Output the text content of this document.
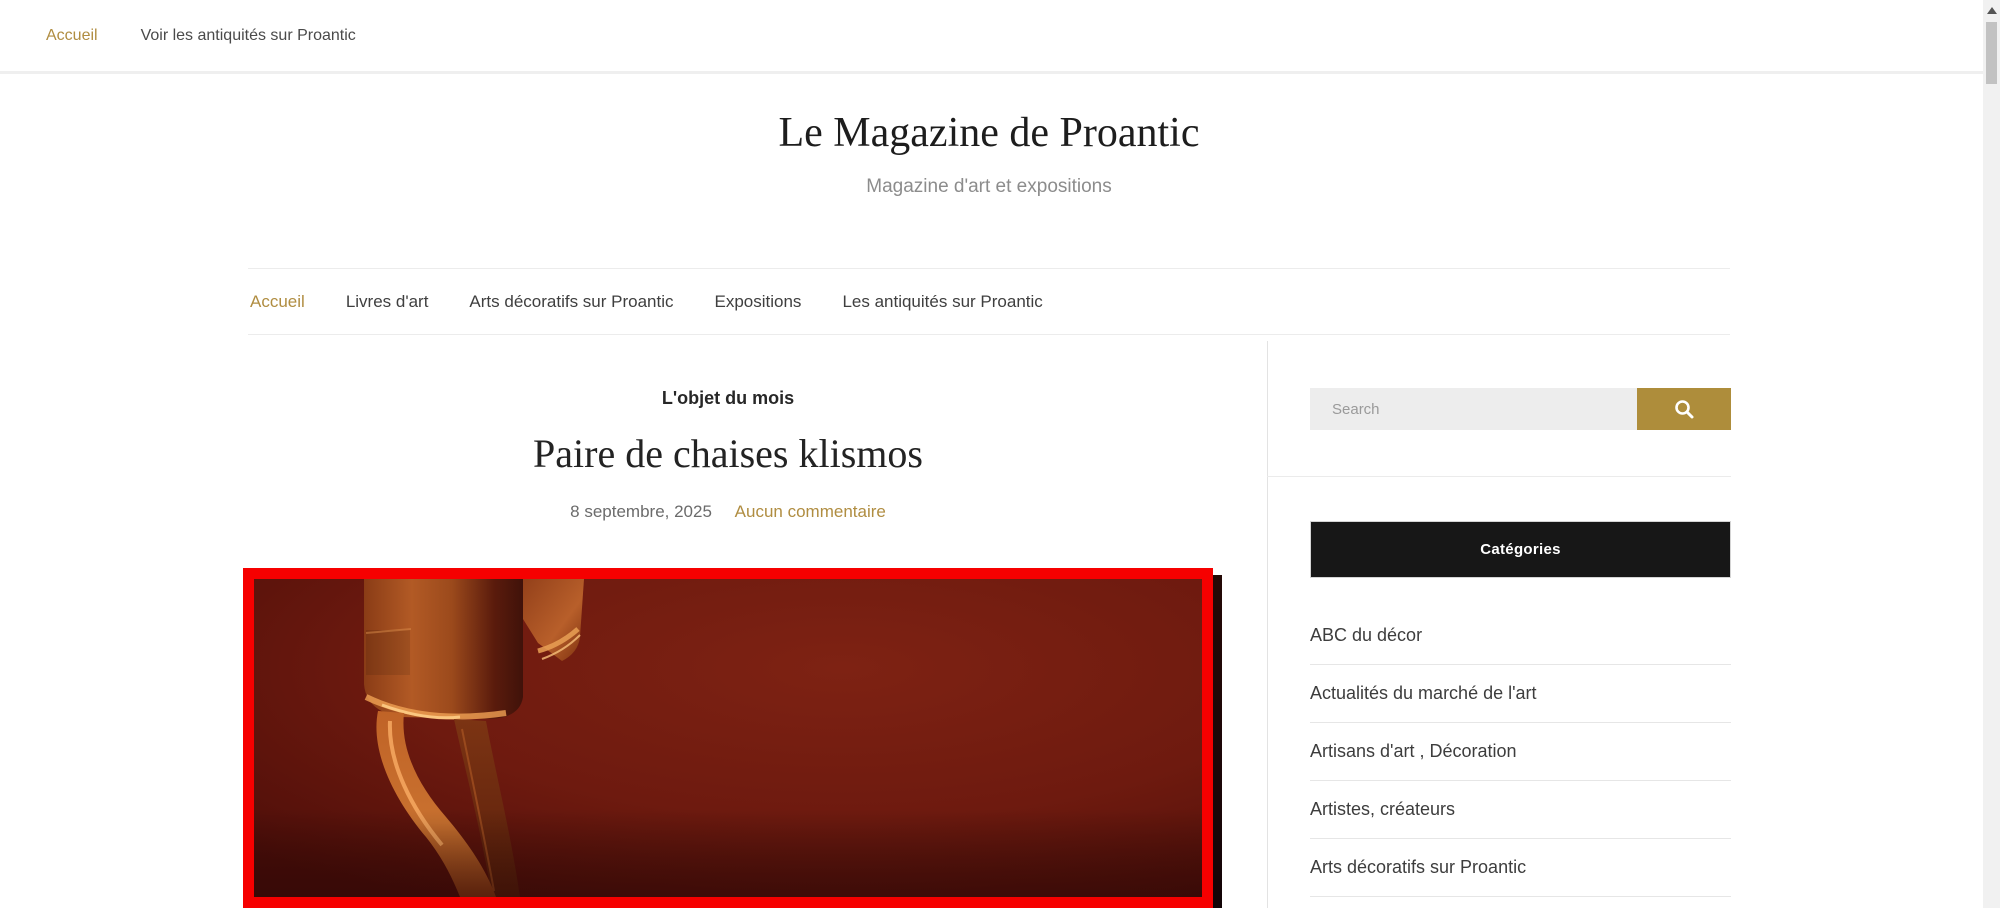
Accueil	Voir les antiquités sur Proantic
Le Magazine de Proantic
Magazine d'art et expositions
Accueil Livres d'art Arts décoratifs sur Proantic Expositions Les antiquités sur Proantic
L'objet du mois
Paire de chaises klismos
8 septembre, 2025 Aucun commentaire
Search
Catégories
ABC du décor
Actualités du marché de l'art
Artisans d'art , Décoration
Artistes, créateurs
Arts décoratifs sur Proantic
